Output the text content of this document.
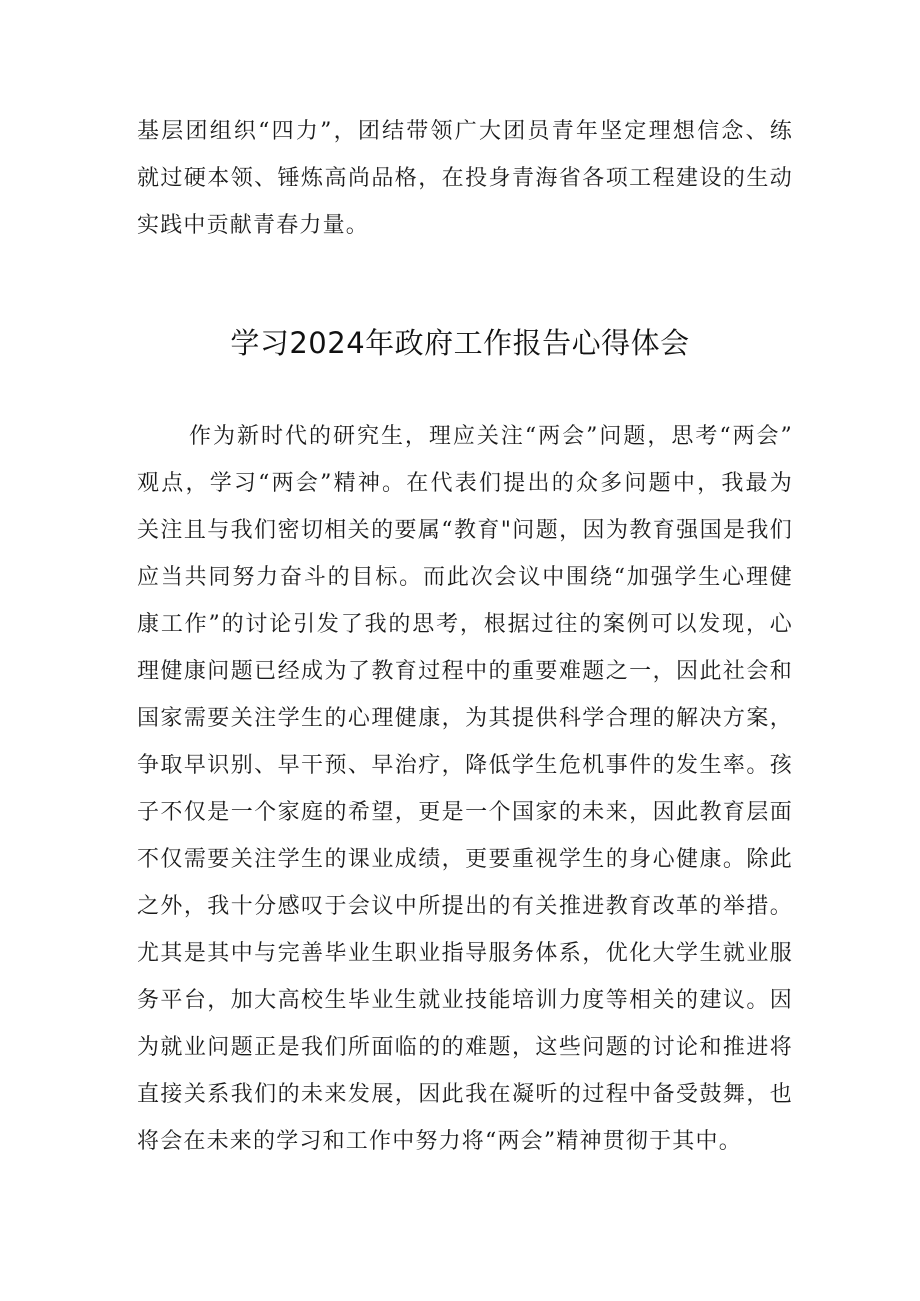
基层团组织“四力”，团结带领广大团员青年坚定理想信念、练
就过硬本领、锤炼高尚品格，在投身青海省各项工程建设的生动
实践中贡献青春力量。
学习2024年政府工作报告心得体会
作为新时代的研究生，理应关注“两会”问题，思考“两会”
观点，学习“两会”精神。在代表们提出的众多问题中，我最为
关注且与我们密切相关的要属“教育"问题，因为教育强国是我们
应当共同努力奋斗的目标。而此次会议中围绕“加强学生心理健
康工作”的讨论引发了我的思考，根据过往的案例可以发现，心
理健康问题已经成为了教育过程中的重要难题之一，因此社会和
国家需要关注学生的心理健康，为其提供科学合理的解决方案，
争取早识别、早干预、早治疗，降低学生危机事件的发生率。孩
子不仅是一个家庭的希望，更是一个国家的未来，因此教育层面
不仅需要关注学生的课业成绩，更要重视学生的身心健康。除此
之外，我十分感叹于会议中所提出的有关推进教育改革的举措。
尤其是其中与完善毕业生职业指导服务体系，优化大学生就业服
务平台，加大高校生毕业生就业技能培训力度等相关的建议。因
为就业问题正是我们所面临的的难题，这些问题的讨论和推进将
直接关系我们的未来发展，因此我在凝听的过程中备受鼓舞，也
将会在未来的学习和工作中努力将“两会”精神贯彻于其中。
